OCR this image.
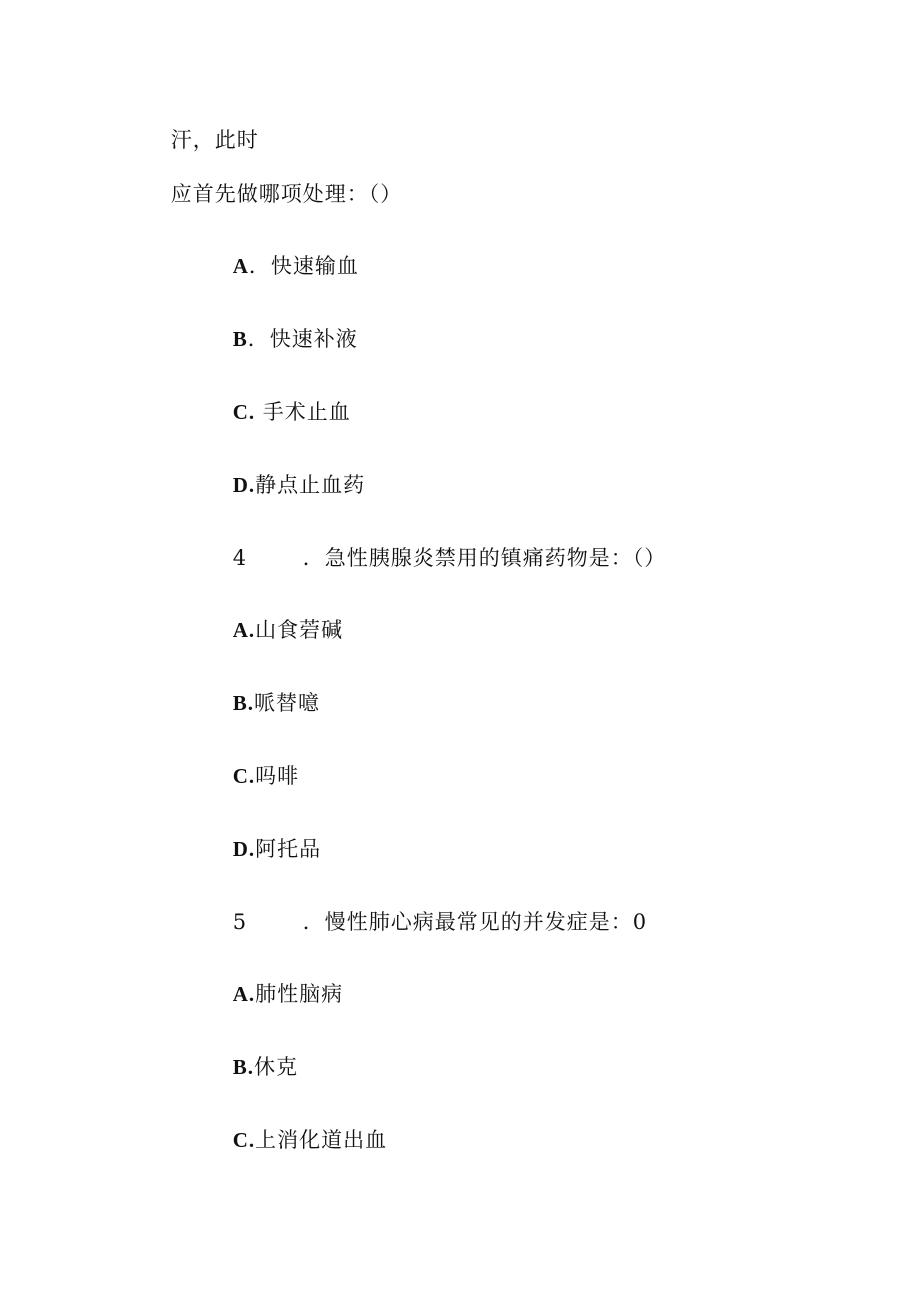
汗，此时

应首先做哪项处理：（）

A．快速输血

B．快速补液

C. 手术止血

D.静点止血药

4	．急性胰腺炎禁用的镇痛药物是：（）

A.山食菪碱

B.哌替噫

C.吗啡

D.阿托品

5	．慢性肺心病最常见的并发症是：0

A.肺性脑病

B.休克

C.上消化道出血
